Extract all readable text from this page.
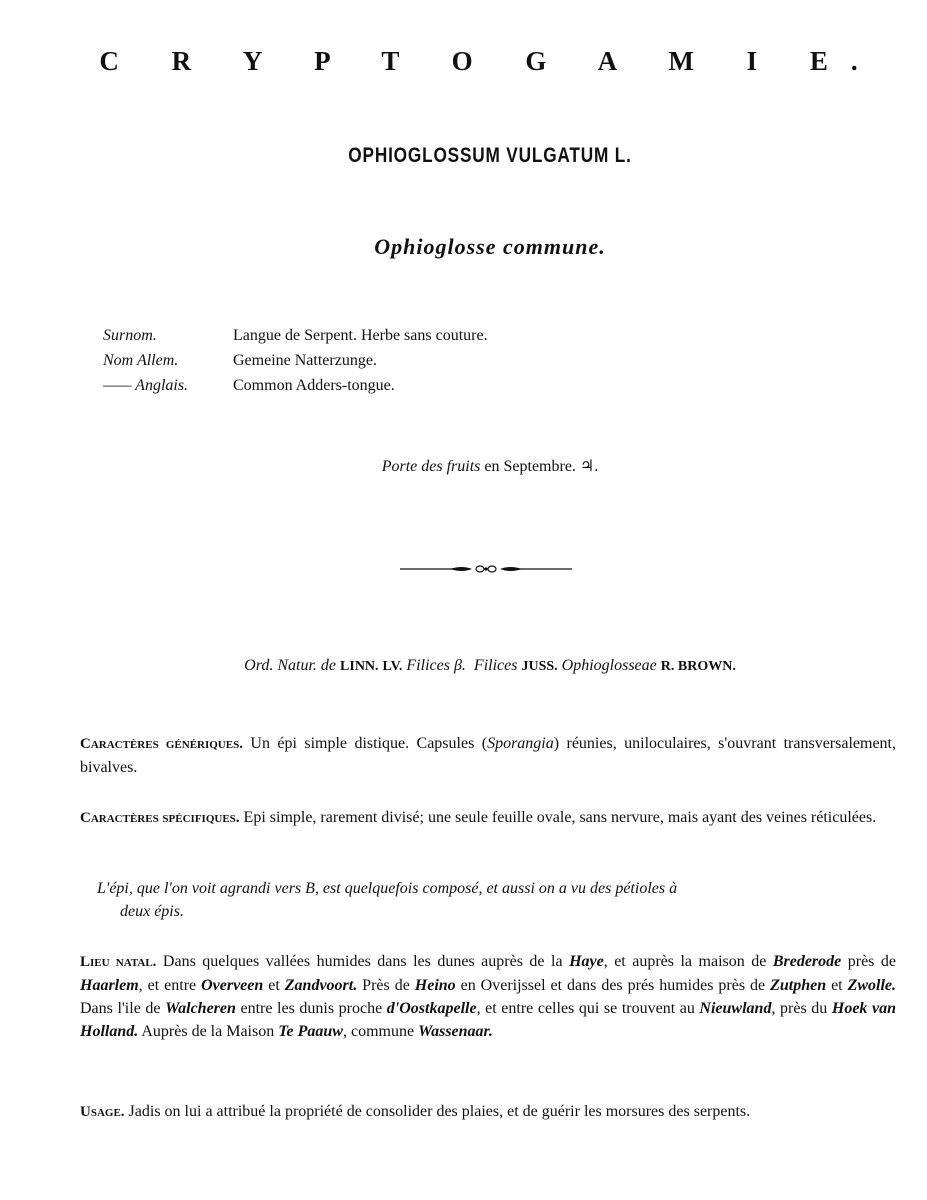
C R Y P T O G A M I E.
OPHIOGLOSSUM VULGATUM L.
Ophioglosse commune.
Surnom.	Langue de Serpent. Herbe sans couture.
Nom Allem.	Gemeine Natterzunge.
—— Anglais.	Common Adders-tongue.
Porte des fruits en Septembre. ♃.
Ord. Natur. de LINN. LV. Filices β. Filices JUSS. Ophioglosseae R. BROWN.
Caractères génériques. Un épi simple distique. Capsules (Sporangia) réunies, uniloculaires, s'ouvrant transversalement, bivalves.
Caractères spécifiques. Epi simple, rarement divisé; une seule feuille ovale, sans nervure, mais ayant des veines réticulées.
L'épi, que l'on voit agrandi vers B, est quelquefois composé, et aussi on a vu des pétioles à
deux épis.
Lieu natal. Dans quelques vallées humides dans les dunes auprès de la Haye, et auprès la maison de Brederode près de Haarlem, et entre Overveen et Zandvoort. Près de Heino en Overijssel et dans des prés humides près de Zutphen et Zwolle. Dans l'ile de Walcheren entre les dunis proche d'Oostkapelle, et entre celles qui se trouvent au Nieuwland, près du Hoek van Holland. Auprès de la Maison Te Paauw, commune Wassenaar.
Usage. Jadis on lui a attribué la propriété de consolider des plaies, et de guérir les morsures des serpents.
